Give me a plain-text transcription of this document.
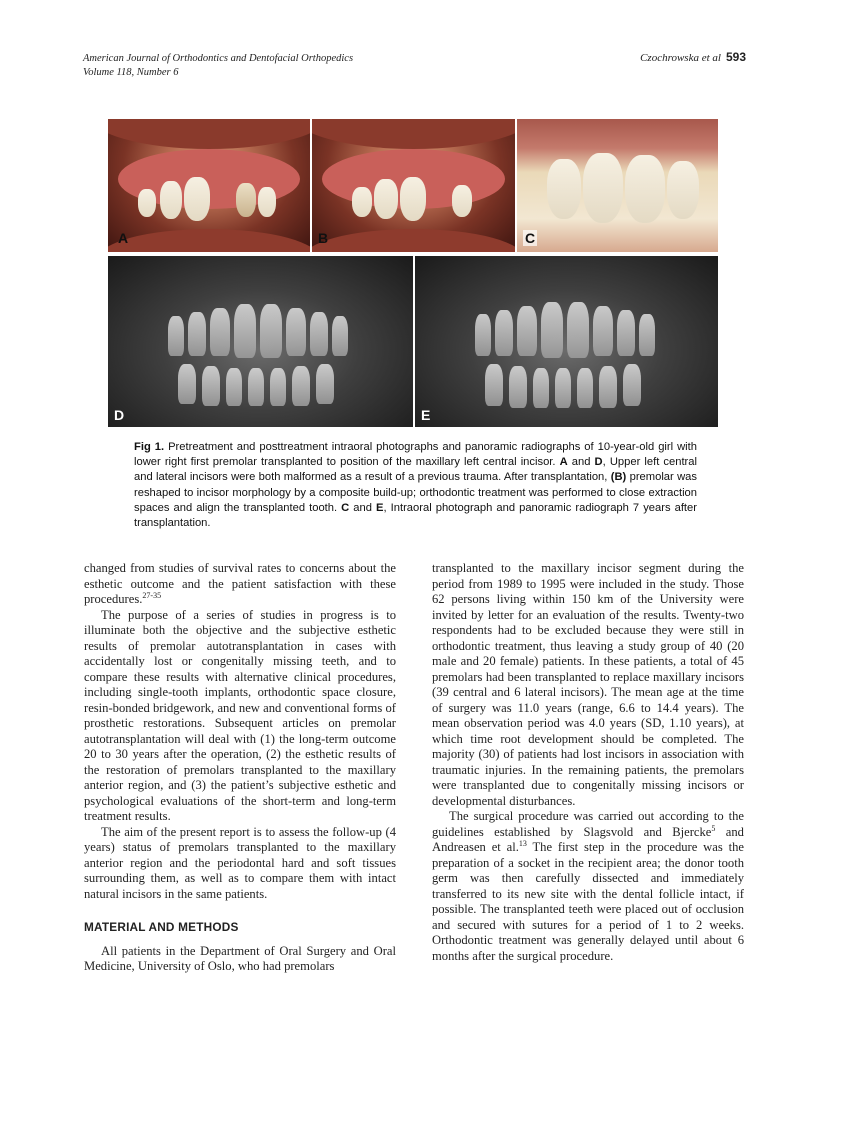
American Journal of Orthodontics and Dentofacial Orthopedics
Volume 118, Number 6
Czochrowska et al 593
A	B	C
D	E
Fig 1. Pretreatment and posttreatment intraoral photographs and panoramic radiographs of 10-year-old girl with lower right first premolar transplanted to position of the maxillary left central incisor. A and D, Upper left central and lateral incisors were both malformed as a result of a previous trauma. After transplantation, (B) premolar was reshaped to incisor morphology by a composite build-up; orthodontic treatment was performed to close extraction spaces and align the transplanted tooth. C and E, Intraoral photograph and panoramic radiograph 7 years after transplantation.

changed from studies of survival rates to concerns about the esthetic outcome and the patient satisfaction with these procedures.$^{27-35}$

The purpose of a series of studies in progress is to illuminate both the objective and the subjective esthetic results of premolar autotransplantation in cases with accidentally lost or congenitally missing teeth, and to compare these results with alternative clinical procedures, including single-tooth implants, orthodontic space closure, resin-bonded bridgework, and new and conventional forms of prosthetic restorations. Subsequent articles on premolar autotransplantation will deal with (1) the long-term outcome 20 to 30 years after the operation, (2) the esthetic results of the restoration of premolars transplanted to the maxillary anterior region, and (3) the patient’s subjective esthetic and psychological evaluations of the short-term and long-term treatment results.

The aim of the present report is to assess the follow-up (4 years) status of premolars transplanted to the maxillary anterior region and the periodontal hard and soft tissues surrounding them, as well as to compare them with intact natural incisors in the same patients.

MATERIAL AND METHODS

All patients in the Department of Oral Surgery and Oral Medicine, University of Oslo, who had premolars

transplanted to the maxillary incisor segment during the period from 1989 to 1995 were included in the study. Those 62 persons living within 150 km of the University were invited by letter for an evaluation of the results. Twenty-two respondents had to be excluded because they were still in orthodontic treatment, thus leaving a study group of 40 (20 male and 20 female) patients. In these patients, a total of 45 premolars had been transplanted to replace maxillary incisors (39 central and 6 lateral incisors). The mean age at the time of surgery was 11.0 years (range, 6.6 to 14.4 years). The mean observation period was 4.0 years (SD, 1.10 years), at which time root development should be completed. The majority (30) of patients had lost incisors in association with traumatic injuries. In the remaining patients, the premolars were transplanted due to congenitally missing incisors or developmental disturbances.

The surgical procedure was carried out according to the guidelines established by Slagsvold and Bjercke$^5$ and Andreasen et al.$^{13}$ The first step in the procedure was the preparation of a socket in the recipient area; the donor tooth germ was then carefully dissected and immediately transferred to its new site with the dental follicle intact, if possible. The transplanted teeth were placed out of occlusion and secured with sutures for a period of 1 to 2 weeks. Orthodontic treatment was generally delayed until about 6 months after the surgical procedure.
